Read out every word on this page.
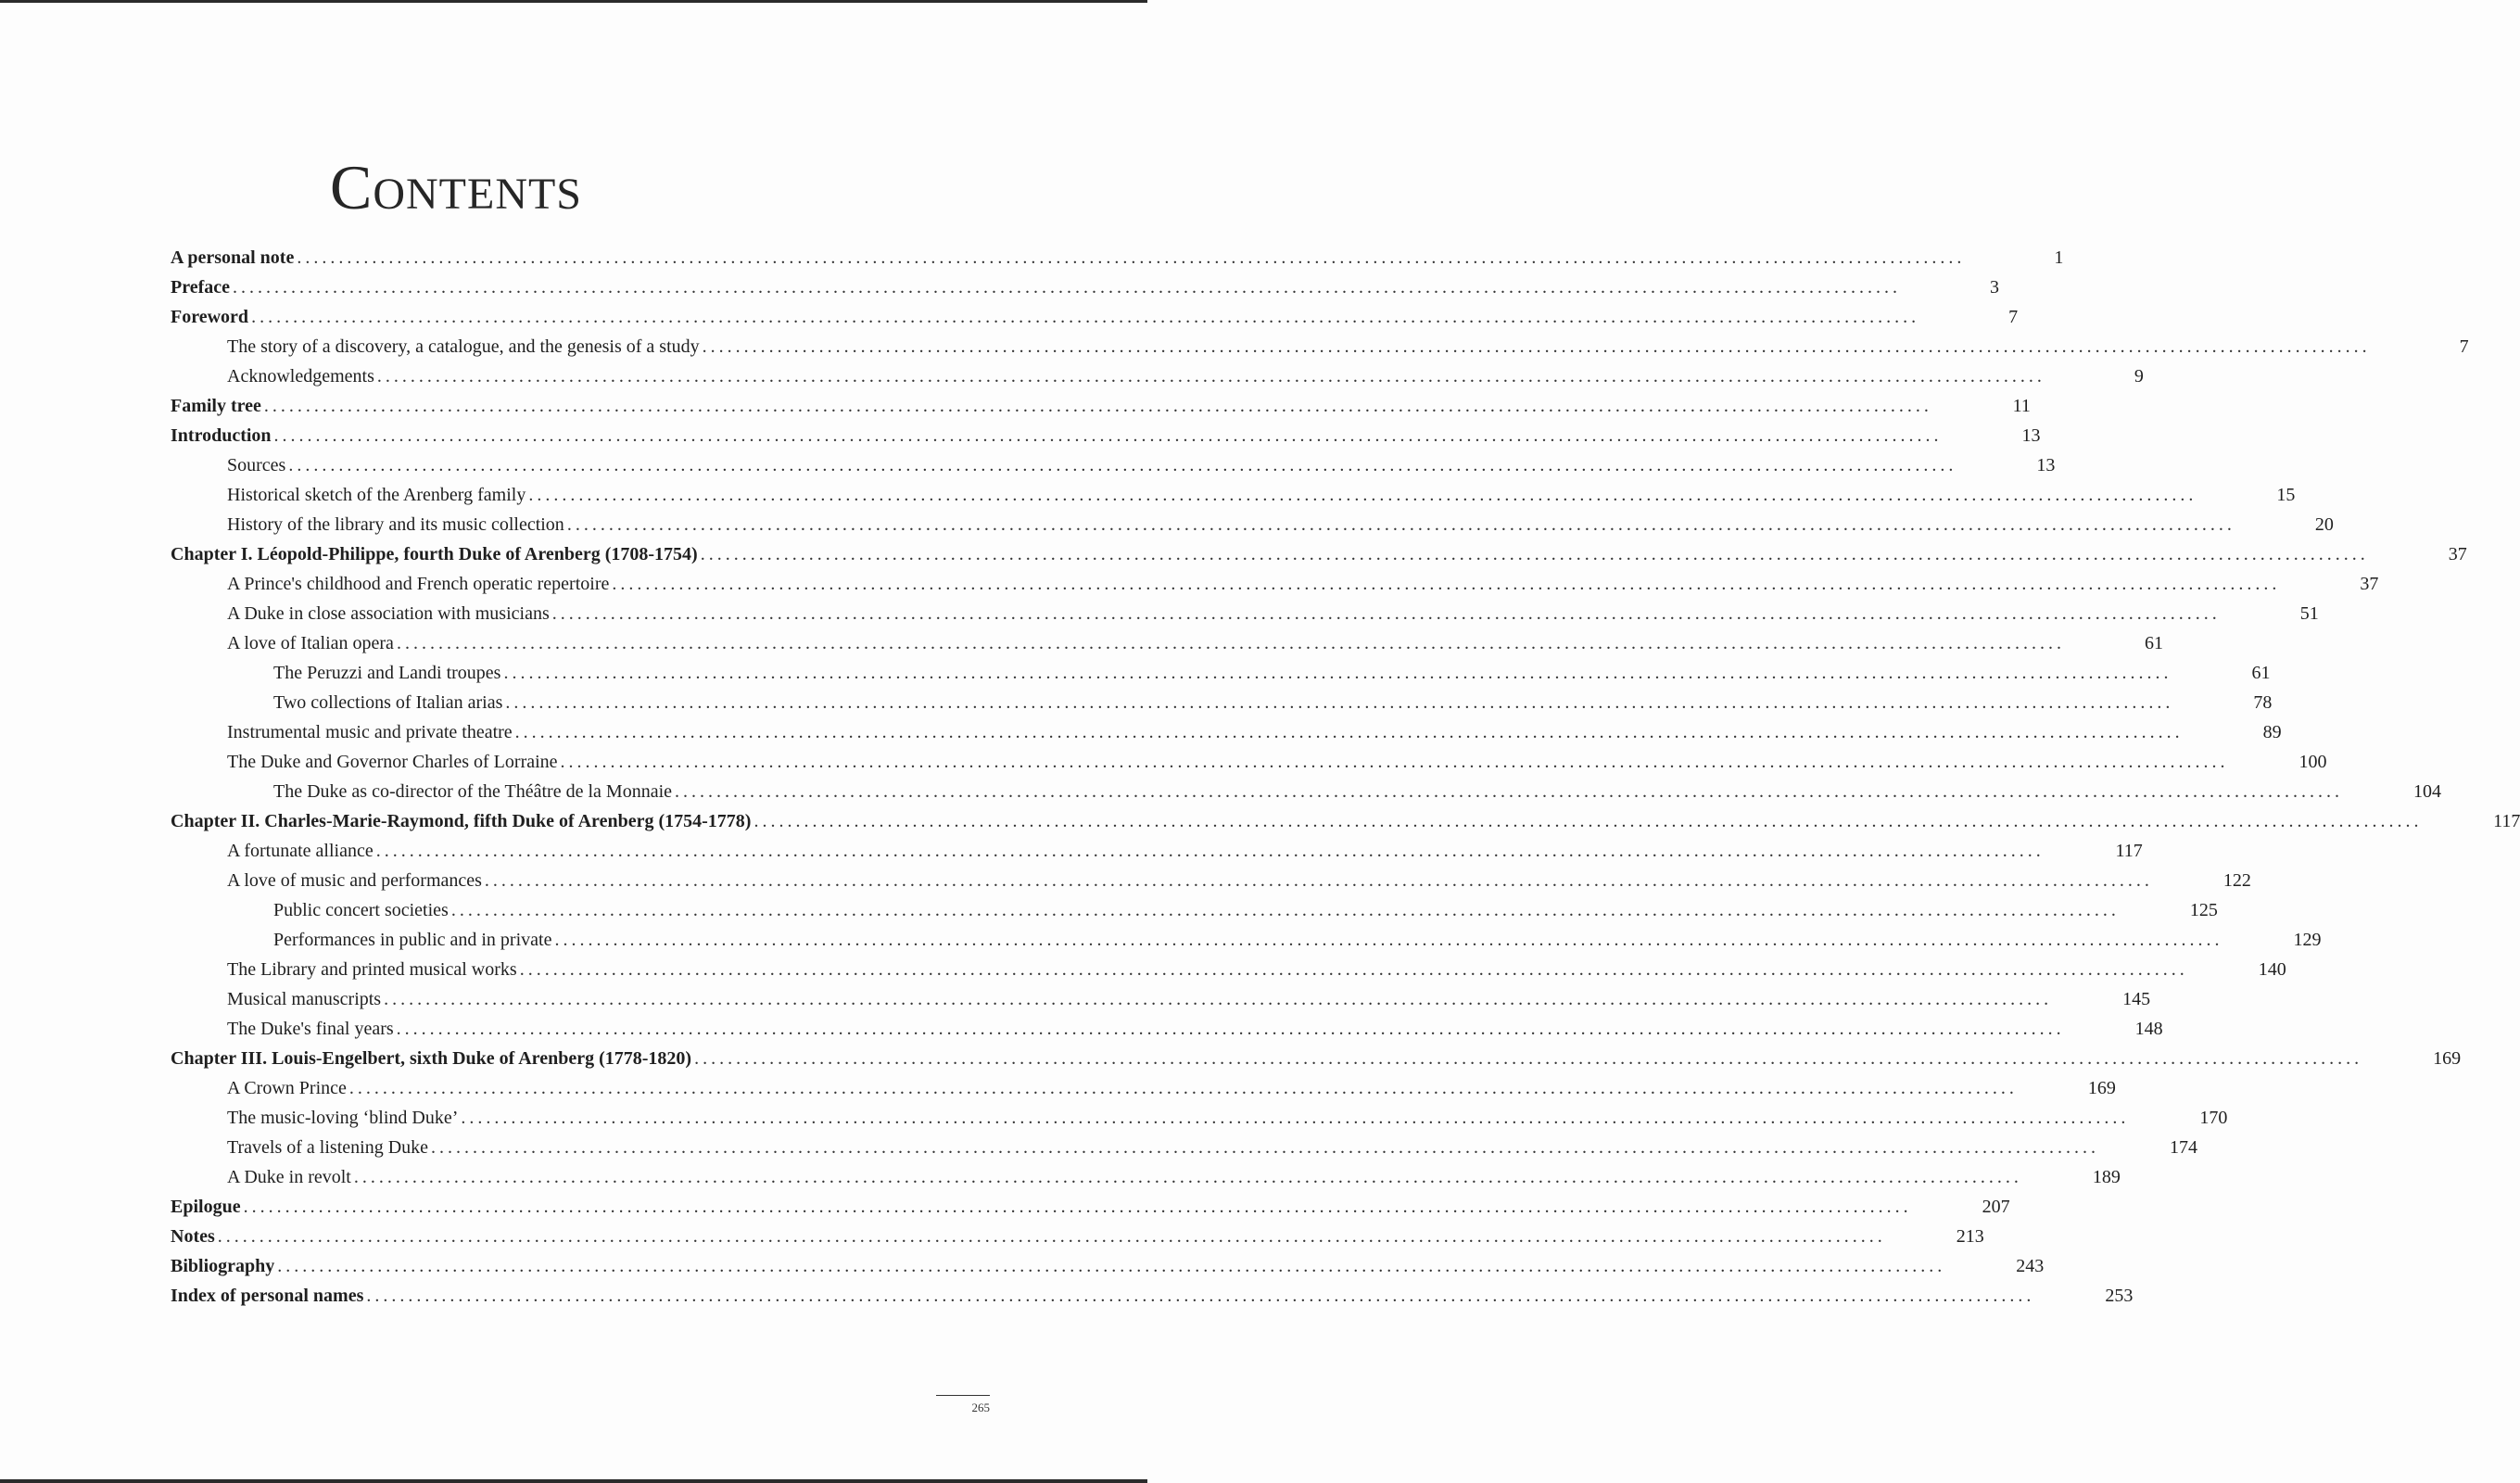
Contents
A personal note ........................................................................................................................................................................................................	1
Preface ........................................................................................................................................................................................................	3
Foreword ........................................................................................................................................................................................................	7
The story of a discovery, a catalogue, and the genesis of a study ........................................................................................................................................................................................................	7
Acknowledgements ........................................................................................................................................................................................................	9
Family tree ........................................................................................................................................................................................................	11
Introduction ........................................................................................................................................................................................................	13
Sources ........................................................................................................................................................................................................	13
Historical sketch of the Arenberg family ........................................................................................................................................................................................................	15
History of the library and its music collection ........................................................................................................................................................................................................	20
Chapter I. Léopold-Philippe, fourth Duke of Arenberg (1708-1754) ........................................................................................................................................................................................................	37
A Prince's childhood and French operatic repertoire ........................................................................................................................................................................................................	37
A Duke in close association with musicians ........................................................................................................................................................................................................	51
A love of Italian opera ........................................................................................................................................................................................................	61
The Peruzzi and Landi troupes ........................................................................................................................................................................................................	61
Two collections of Italian arias ........................................................................................................................................................................................................	78
Instrumental music and private theatre ........................................................................................................................................................................................................	89
The Duke and Governor Charles of Lorraine ........................................................................................................................................................................................................	100
The Duke as co-director of the Théâtre de la Monnaie ........................................................................................................................................................................................................	104
Chapter II. Charles-Marie-Raymond, fifth Duke of Arenberg (1754-1778) ........................................................................................................................................................................................................	117
A fortunate alliance ........................................................................................................................................................................................................	117
A love of music and performances ........................................................................................................................................................................................................	122
Public concert societies ........................................................................................................................................................................................................	125
Performances in public and in private ........................................................................................................................................................................................................	129
The Library and printed musical works ........................................................................................................................................................................................................	140
Musical manuscripts ........................................................................................................................................................................................................	145
The Duke's final years ........................................................................................................................................................................................................	148
Chapter III. Louis-Engelbert, sixth Duke of Arenberg (1778-1820) ........................................................................................................................................................................................................	169
A Crown Prince ........................................................................................................................................................................................................	169
The music-loving ‘blind Duke’ ........................................................................................................................................................................................................	170
Travels of a listening Duke ........................................................................................................................................................................................................	174
A Duke in revolt ........................................................................................................................................................................................................	189
Epilogue ........................................................................................................................................................................................................	207
Notes ........................................................................................................................................................................................................	213
Bibliography ........................................................................................................................................................................................................	243
Index of personal names ........................................................................................................................................................................................................	253
265
